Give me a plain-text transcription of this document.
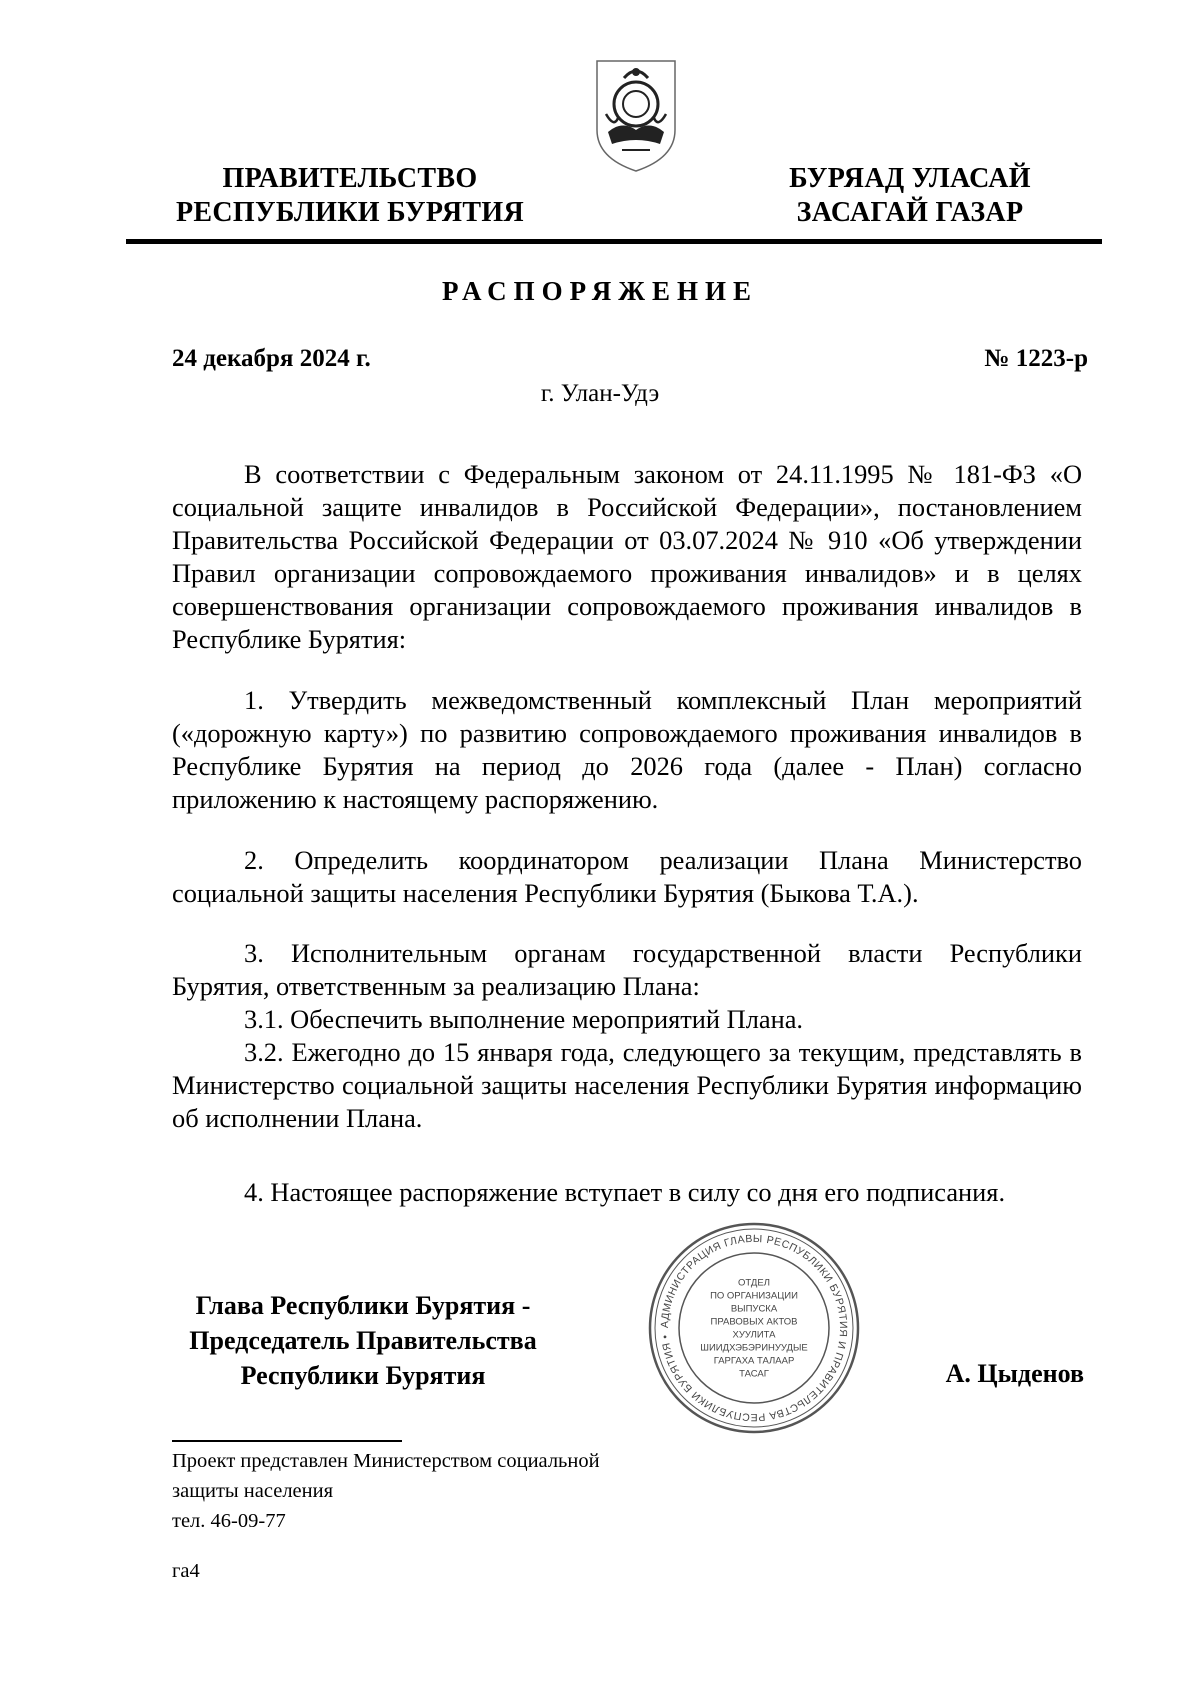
ПРАВИТЕЛЬСТВО
РЕСПУБЛИКИ БУРЯТИЯ
БУРЯАД УЛАСАЙ
ЗАСАГАЙ ГАЗАР
РАСПОРЯЖЕНИЕ
24 декабря 2024 г.	№ 1223-р
г. Улан-Удэ

В соответствии с Федеральным законом от 24.11.1995 № 181-ФЗ «О социальной защите инвалидов в Российской Федерации», постановлением Правительства Российской Федерации от 03.07.2024 № 910 «Об утверждении Правил организации сопровождаемого проживания инвалидов» и в целях совершенствования организации сопровождаемого проживания инвалидов в Республике Бурятия:

1. Утвердить межведомственный комплексный План мероприятий («дорожную карту») по развитию сопровождаемого проживания инвалидов в Республике Бурятия на период до 2026 года (далее - План) согласно приложению к настоящему распоряжению.

2. Определить координатором реализации Плана Министерство социальной защиты населения Республики Бурятия (Быкова Т.А.).

3. Исполнительным органам государственной власти Республики Бурятия, ответственным за реализацию Плана:

3.1. Обеспечить выполнение мероприятий Плана.

3.2. Ежегодно до 15 января года, следующего за текущим, представлять в Министерство социальной защиты населения Республики Бурятия информацию об исполнении Плана.

4. Настоящее распоряжение вступает в силу со дня его подписания.

Глава Республики Бурятия -
Председатель Правительства
Республики Бурятия
АДМИНИСТРАЦИЯ ГЛАВЫ РЕСПУБЛИКИ БУРЯТИЯ И ПРАВИТЕЛЬСТВА РЕСПУБЛИКИ БУРЯТИЯ •
ОТДЕЛ
ПО ОРГАНИЗАЦИИ
ВЫПУСКА
ПРАВОВЫХ АКТОВ
ХУУЛИТА
ШИИДХЭБЭРИНУУДЫЕ
ГАРГАХА ТАЛААР
ТАСАГ	А. Цыденов
Проект представлен Министерством социальной
защиты населения
тел. 46-09-77
га4
